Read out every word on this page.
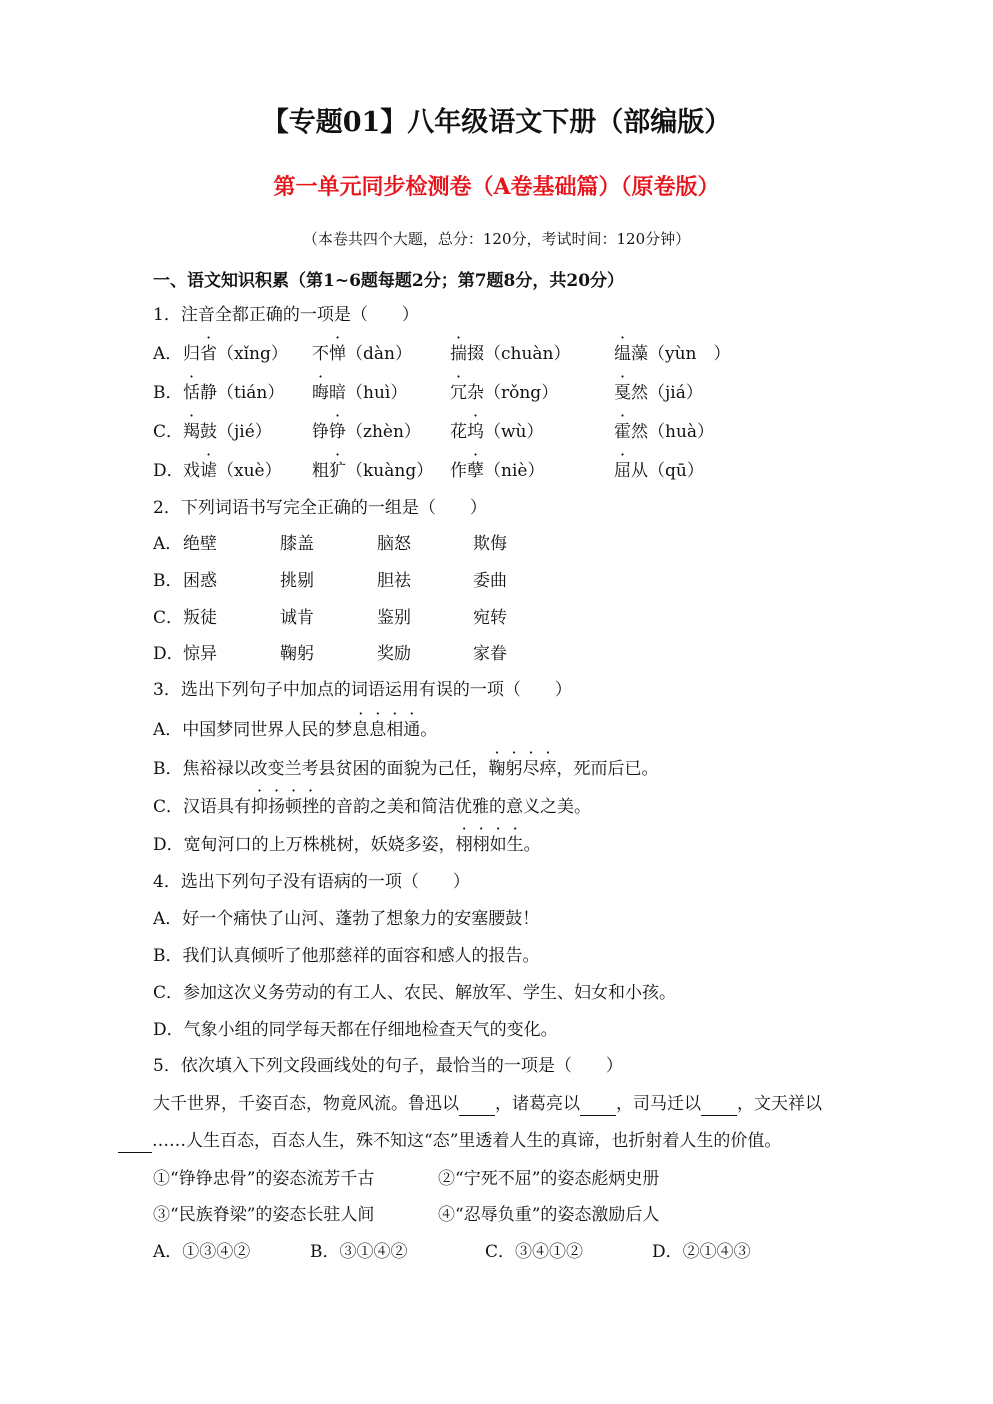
【专题01】八年级语文下册（部编版）
第一单元同步检测卷（A卷基础篇）（原卷版）
（本卷共四个大题，总分：120分，考试时间：120分钟）
一、语文知识积累（第1~6题每题2分；第7题8分，共20分）
1．注音全都正确的一项是（　　）
A． 归省（xǐng） 不惮（dàn） 揣掇（chuàn）	缊藻（yùn　）
B． 恬静（tián） 晦暗（huì）	冗杂（rǒng）	戛然（jiá）
C． 羯鼓（jié） 铮铮（zhèn） 花坞（wù）	霍然（huà）
D． 戏谑（xuè） 粗犷（kuàng） 作孽（niè）	屈从（qū）
2．下列词语书写完全正确的一组是（　　）
A． 绝壁	膝盖	脑怒	欺侮
B． 困惑	挑剔	胆祛	委曲
C． 叛徒	诚肯	鉴别	宛转
D． 惊异	鞠躬	奖励	家眷
3．选出下列句子中加点的词语运用有误的一项（　　）
A．中国梦同世界人民的梦息息相通。
B．焦裕禄以改变兰考县贫困的面貌为己任，鞠躬尽瘁，死而后已。
C．汉语具有抑扬顿挫的音韵之美和简洁优雅的意义之美。
D．宽甸河口的上万株桃树，妖娆多姿，栩栩如生。
4．选出下列句子没有语病的一项（　　）
A．好一个痛快了山河、蓬勃了想象力的安塞腰鼓！
B．我们认真倾听了他那慈祥的面容和感人的报告。
C．参加这次义务劳动的有工人、农民、解放军、学生、妇女和小孩。
D．气象小组的同学每天都在仔细地检查天气的变化。
5．依次填入下列文段画线处的句子，最恰当的一项是（　　）
大千世界，千姿百态，物竟风流。鲁迅以 ，诸葛亮以 ，司马迁以 ，文天祥以
……人生百态，百态人生，殊不知这“态”里透着人生的真谛，也折射着人生的价值。
①“铮铮忠骨”的姿态流芳千古	②“宁死不屈”的姿态彪炳史册
③“民族脊梁”的姿态长驻人间	④“忍辱负重”的姿态激励后人
A．①③④②	B．③①④②	C．③④①②	D．②①④③
